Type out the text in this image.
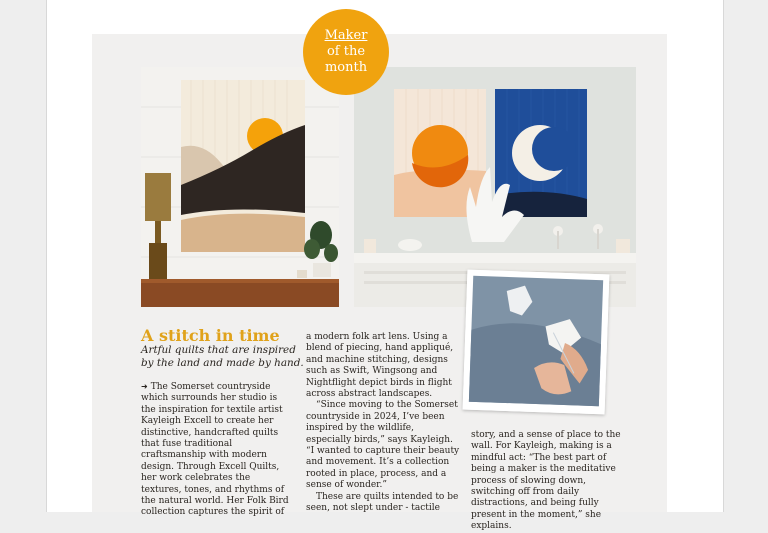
Maker
of the
month
A stitch in time
Artful quilts that are inspired by the land and made by hand.

➜ The Somerset countryside which surrounds her studio is the inspiration for textile artist Kayleigh Excell to create her distinctive, handcrafted quilts that fuse traditional craftsmanship with modern design. Through Excell Quilts, her work celebrates the textures, tones, and rhythms of the natural world. Her Folk Bird collection captures the spirit of

a modern folk art lens. Using a blend of piecing, hand appliqué, and machine stitching, designs such as Swift, Wingsong and Nightflight depict birds in flight across abstract landscapes.

“Since moving to the Somerset countryside in 2024, I’ve been inspired by the wildlife, especially birds,” says Kayleigh. “I wanted to capture their beauty and movement. It’s a collection rooted in place, process, and a sense of wonder.”

These are quilts intended to be seen, not slept under - tactile

story, and a sense of place to the wall. For Kayleigh, making is a mindful act: “The best part of being a maker is the meditative process of slowing down, switching off from daily distractions, and being fully present in the moment,” she explains.
